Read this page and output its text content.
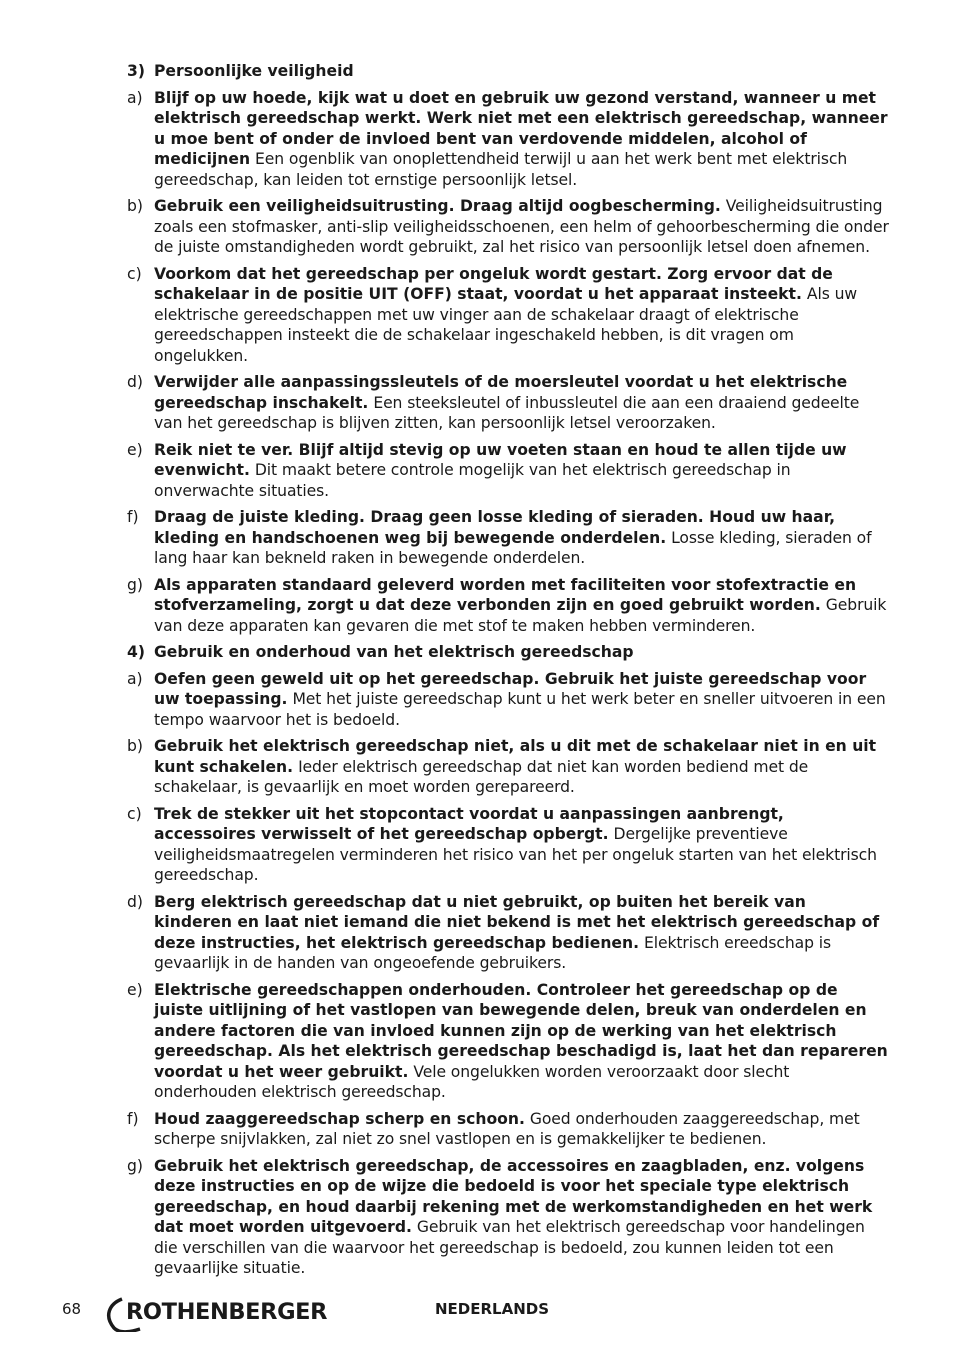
3) Persoonlijke veiligheid
a) Blijf op uw hoede, kijk wat u doet en gebruik uw gezond verstand, wanneer u met elektrisch gereedschap werkt. Werk niet met een elektrisch gereedschap, wanneer u moe bent of onder de invloed bent van verdovende middelen, alcohol of medicijnen Een ogenblik van onoplettendheid terwijl u aan het werk bent met elektrisch gereedschap, kan leiden tot ernstige persoonlijk letsel.
b) Gebruik een veiligheidsuitrusting. Draag altijd oogbescherming. Veiligheidsuitrusting zoals een stofmasker, anti-slip veiligheidsschoenen, een helm of gehoorbescherming die onder de juiste omstandigheden wordt gebruikt, zal het risico van persoonlijk letsel doen afnemen.
c) Voorkom dat het gereedschap per ongeluk wordt gestart. Zorg ervoor dat de schakelaar in de positie UIT (OFF) staat, voordat u het apparaat insteekt. Als uw elektrische gereedschappen met uw vinger aan de schakelaar draagt of elektrische gereedschappen insteekt die de schakelaar ingeschakeld hebben, is dit vragen om ongelukken.
d) Verwijder alle aanpassingssleutels of de moersleutel voordat u het elektrische gereedschap inschakelt. Een steeksleutel of inbussleutel die aan een draaiend gedeelte van het gereedschap is blijven zitten, kan persoonlijk letsel veroorzaken.
e) Reik niet te ver. Blijf altijd stevig op uw voeten staan en houd te allen tijde uw evenwicht. Dit maakt betere controle mogelijk van het elektrisch gereedschap in onverwachte situaties.
f) Draag de juiste kleding. Draag geen losse kleding of sieraden. Houd uw haar, kleding en handschoenen weg bij bewegende onderdelen. Losse kleding, sieraden of lang haar kan bekneld raken in bewegende onderdelen.
g) Als apparaten standaard geleverd worden met faciliteiten voor stofextractie en stofverzameling, zorgt u dat deze verbonden zijn en goed gebruikt worden. Gebruik van deze apparaten kan gevaren die met stof te maken hebben verminderen.
4) Gebruik en onderhoud van het elektrisch gereedschap
a) Oefen geen geweld uit op het gereedschap. Gebruik het juiste gereedschap voor uw toepassing. Met het juiste gereedschap kunt u het werk beter en sneller uitvoeren in een tempo waarvoor het is bedoeld.
b) Gebruik het elektrisch gereedschap niet, als u dit met de schakelaar niet in en uit kunt schakelen. Ieder elektrisch gereedschap dat niet kan worden bediend met de schakelaar, is gevaarlijk en moet worden gerepareerd.
c) Trek de stekker uit het stopcontact voordat u aanpassingen aanbrengt, accessoires verwisselt of het gereedschap opbergt. Dergelijke preventieve veiligheidsmaatregelen verminderen het risico van het per ongeluk starten van het elektrisch gereedschap.
d) Berg elektrisch gereedschap dat u niet gebruikt, op buiten het bereik van kinderen en laat niet iemand die niet bekend is met het elektrisch gereedschap of deze instructies, het elektrisch gereedschap bedienen. Elektrisch ereedschap is gevaarlijk in de handen van ongeoefende gebruikers.
e) Elektrische gereedschappen onderhouden. Controleer het gereedschap op de juiste uitlijning of het vastlopen van bewegende delen, breuk van onderdelen en andere factoren die van invloed kunnen zijn op de werking van het elektrisch gereedschap. Als het elektrisch gereedschap beschadigd is, laat het dan repareren voordat u het weer gebruikt. Vele ongelukken worden veroorzaakt door slecht onderhouden elektrisch gereedschap.
f) Houd zaaggereedschap scherp en schoon. Goed onderhouden zaaggereedschap, met scherpe snijvlakken, zal niet zo snel vastlopen en is gemakkelijker te bedienen.
g) Gebruik het elektrisch gereedschap, de accessoires en zaagbladen, enz. volgens deze instructies en op de wijze die bedoeld is voor het speciale type elektrisch gereedschap, en houd daarbij rekening met de werkomstandigheden en het werk dat moet worden uitgevoerd. Gebruik van het elektrisch gereedschap voor handelingen die verschillen van die waarvoor het gereedschap is bedoeld, zou kunnen leiden tot een gevaarlijke situatie.
68 ROTHENBERGER	NEDERLANDS
